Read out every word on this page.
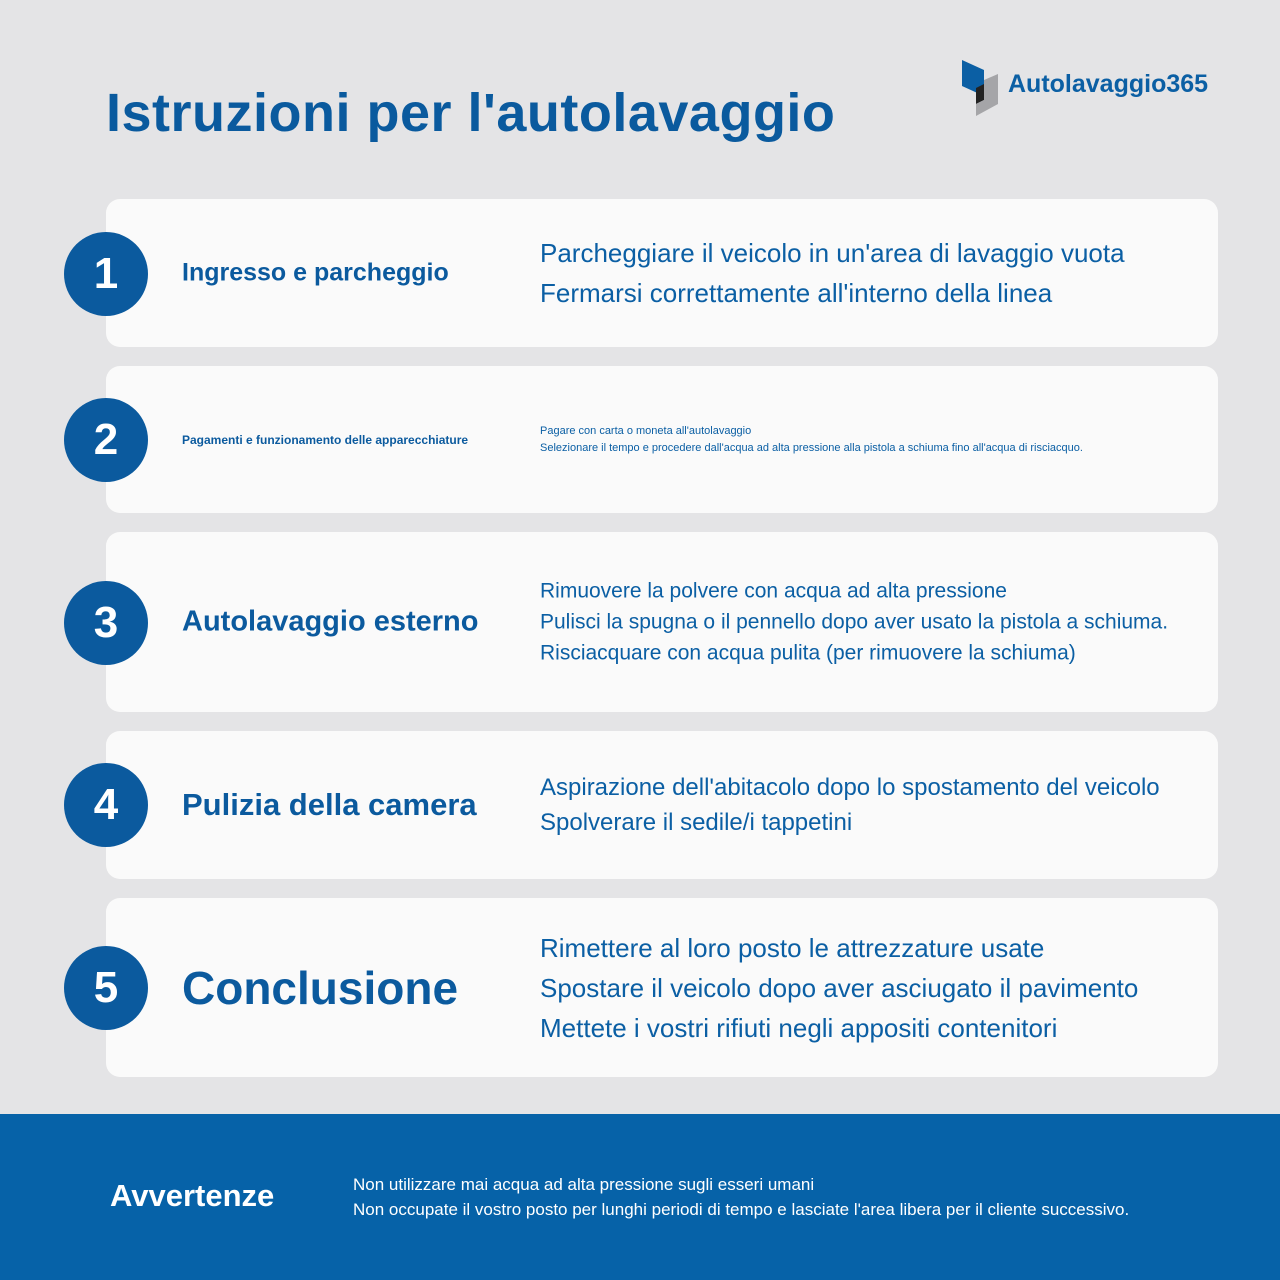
Istruzioni per l'autolavaggio	Autolavaggio365
1	Ingresso e parcheggio
Parcheggiare il veicolo in un'area di lavaggio vuota
Fermarsi correttamente all'interno della linea
2	Pagamenti e funzionamento delle apparecchiature
Pagare con carta o moneta all'autolavaggio
Selezionare il tempo e procedere dall'acqua ad alta pressione alla pistola a schiuma fino all'acqua di risciacquo.
3	Autolavaggio esterno
Rimuovere la polvere con acqua ad alta pressione
Pulisci la spugna o il pennello dopo aver usato la pistola a schiuma.
Risciacquare con acqua pulita (per rimuovere la schiuma)
4	Pulizia della camera	Aspirazione dell'abitacolo dopo lo spostamento del veicolo
Spolverare il sedile/i tappetini
5	Conclusione
Rimettere al loro posto le attrezzature usate
Spostare il veicolo dopo aver asciugato il pavimento
Mettete i vostri rifiuti negli appositi contenitori
Avvertenze	Non utilizzare mai acqua ad alta pressione sugli esseri umani
Non occupate il vostro posto per lunghi periodi di tempo e lasciate l'area libera per il cliente successivo.
